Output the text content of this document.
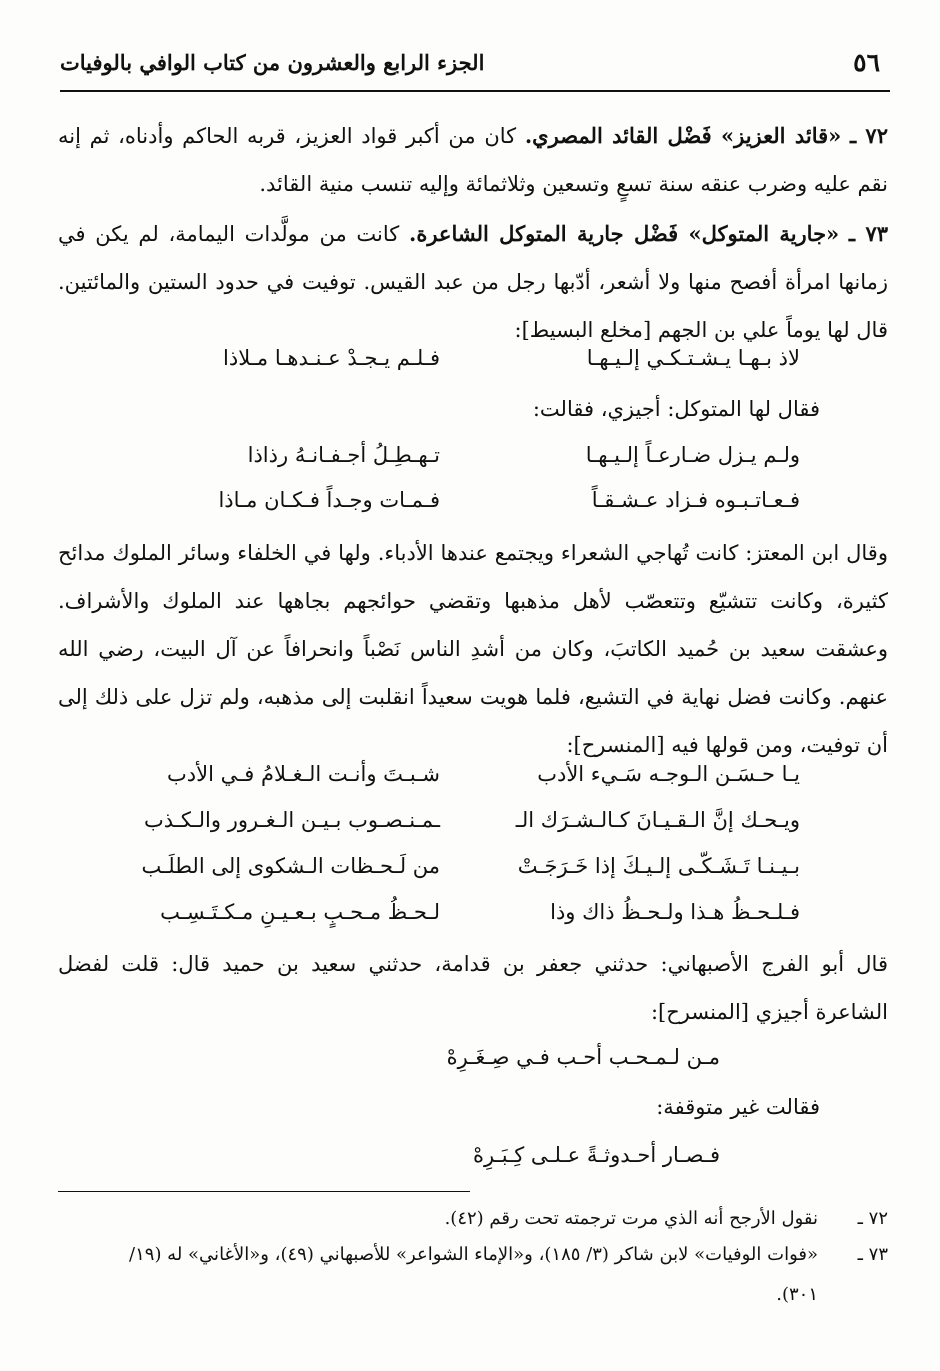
٥٦
الجزء الرابع والعشرون من كتاب الوافي بالوفيات
٧٢ ـ «قائد العزيز» فَضْل القائد المصري. كان من أكبر قواد العزيز، قربه الحاكم وأدناه، ثم إنه نقم عليه وضرب عنقه سنة تسعٍ وتسعين وثلاثمائة وإليه تنسب منية القائد.
٧٣ ـ «جارية المتوكل» فَضْل جارية المتوكل الشاعرة. كانت من مولَّدات اليمامة، لم يكن في زمانها امرأة أفصح منها ولا أشعر، أدّبها رجل من عبد القيس. توفيت في حدود الستين والمائتين. قال لها يوماً علي بن الجهم [مخلع البسيط]:
لاذ بـهـا يـشـتـكـي إلـيـهـا
فـلـم يـجـدْ عـنـدهـا مـلاذا
فقال لها المتوكل: أجيزي، فقالت:
ولـم يـزل ضـارعـاً إلـيـهـا
تـهـطِـلُ أجـفـانـهُ رذاذا
فـعـاتـبـوه فـزاد عـشـقـاً
فـمـات وجـداً فـكـان مـاذا
وقال ابن المعتز: كانت تُهاجي الشعراء ويجتمع عندها الأدباء. ولها في الخلفاء وسائر الملوك مدائح كثيرة، وكانت تتشيّع وتتعصّب لأهل مذهبها وتقضي حوائجهم بجاهها عند الملوك والأشراف. وعشقت سعيد بن حُميد الكاتبَ، وكان من أشدِ الناس نَصْباً وانحرافاً عن آل البيت، رضي الله عنهم. وكانت فضل نهاية في التشيع، فلما هويت سعيداً انقلبت إلى مذهبه، ولم تزل على ذلك إلى أن توفيت، ومن قولها فيه [المنسرح]:
يـا حـسَـن الـوجـه سَـيء الأدب
شـبـتَ وأنـت الـغـلامُ فـي الأدب
ويـحـك إنَّ الـقـيـانَ كـالـشـرَك الـ
ـمـنـصـوب بـيـن الـغـرور والـكـذب
بـيـنـا تَـشَـكّـى إلـيـكَ إذا خَـرَجَـتْ
من لَـحـظات الـشكوى إلى الطلَـب
فـلـحـظُ هـذا ولـحـظُ ذاك وذا
لـحـظُ مـحـبٍ بـعـيـنِ مـكـتَـسِـب
قال أبو الفرج الأصبهاني: حدثني جعفر بن قدامة، حدثني سعيد بن حميد قال: قلت لفضل الشاعرة أجيزي [المنسرح]:
مـن لـمـحـب أحـب فـي صِـغَـرِهْ
فقالت غير متوقفة:
فـصـار أحـدوثـةً عـلـى كِـبَـرِهْ
٧٢ ـ
نقول الأرجح أنه الذي مرت ترجمته تحت رقم (٤٢).
٧٣ ـ
«فوات الوفيات» لابن شاكر (٣/ ١٨٥)، و«الإماء الشواعر» للأصبهاني (٤٩)، و«الأغاني» له (١٩/
٣٠١).
